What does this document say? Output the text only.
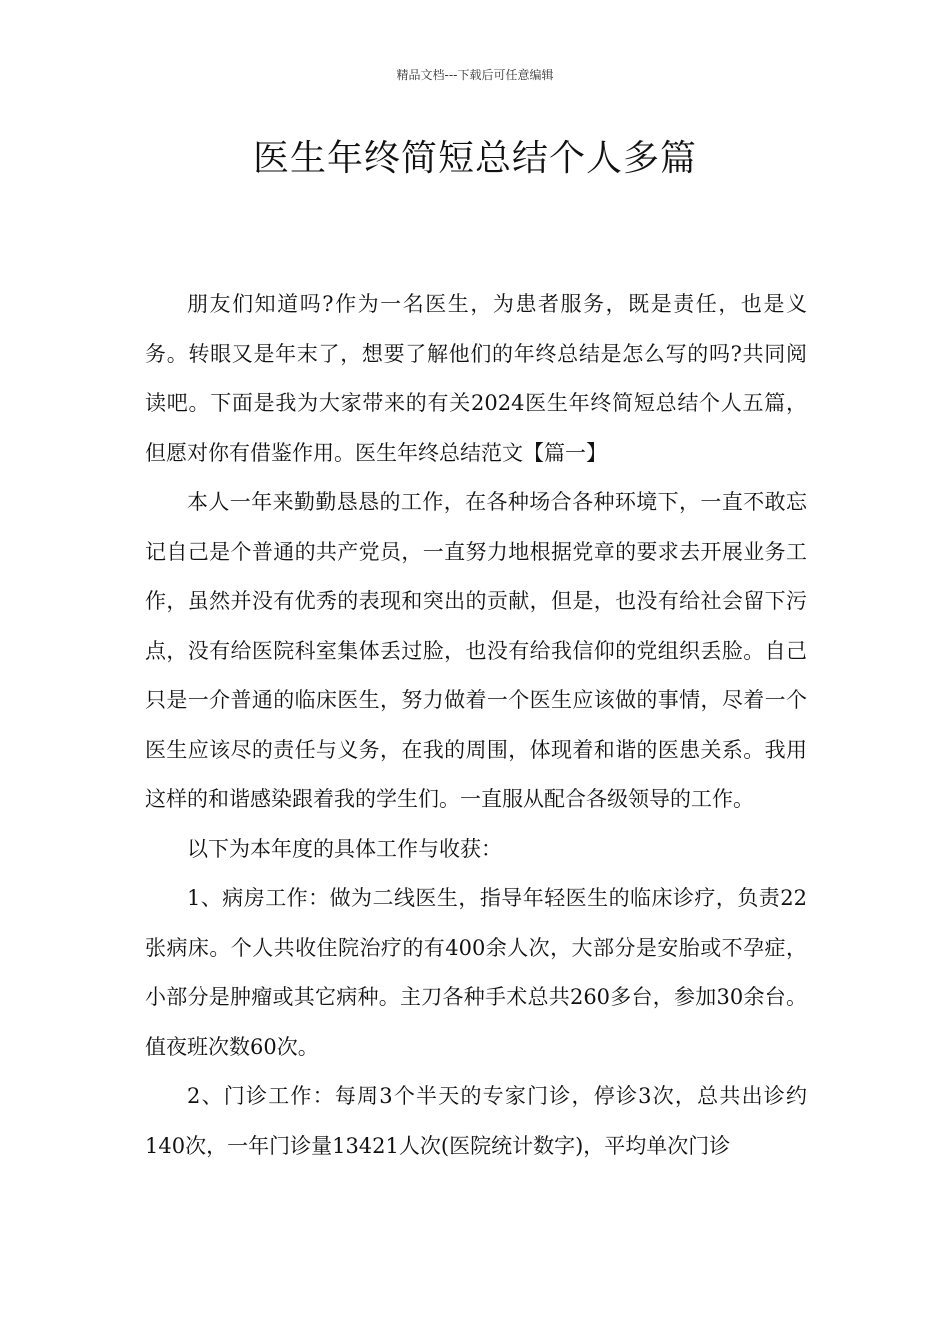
精品文档---下载后可任意编辑
医生年终简短总结个人多篇

朋友们知道吗?作为一名医生，为患者服务，既是责任，也是义务。转眼又是年末了，想要了解他们的年终总结是怎么写的吗?共同阅读吧。下面是我为大家带来的有关2024医生年终简短总结个人五篇，但愿对你有借鉴作用。医生年终总结范文【篇一】

本人一年来勤勤恳恳的工作，在各种场合各种环境下，一直不敢忘记自己是个普通的共产党员，一直努力地根据党章的要求去开展业务工作，虽然并没有优秀的表现和突出的贡献，但是，也没有给社会留下污点，没有给医院科室集体丢过脸，也没有给我信仰的党组织丢脸。自己只是一介普通的临床医生，努力做着一个医生应该做的事情，尽着一个医生应该尽的责任与义务，在我的周围，体现着和谐的医患关系。我用这样的和谐感染跟着我的学生们。一直服从配合各级领导的工作。

以下为本年度的具体工作与收获：

1、病房工作：做为二线医生，指导年轻医生的临床诊疗，负责22张病床。个人共收住院治疗的有400余人次，大部分是安胎或不孕症，小部分是肿瘤或其它病种。主刀各种手术总共260多台，参加30余台。值夜班次数60次。

2、门诊工作：每周3个半天的专家门诊，停诊3次，总共出诊约140次，一年门诊量13421人次(医院统计数字)，平均单次门诊
